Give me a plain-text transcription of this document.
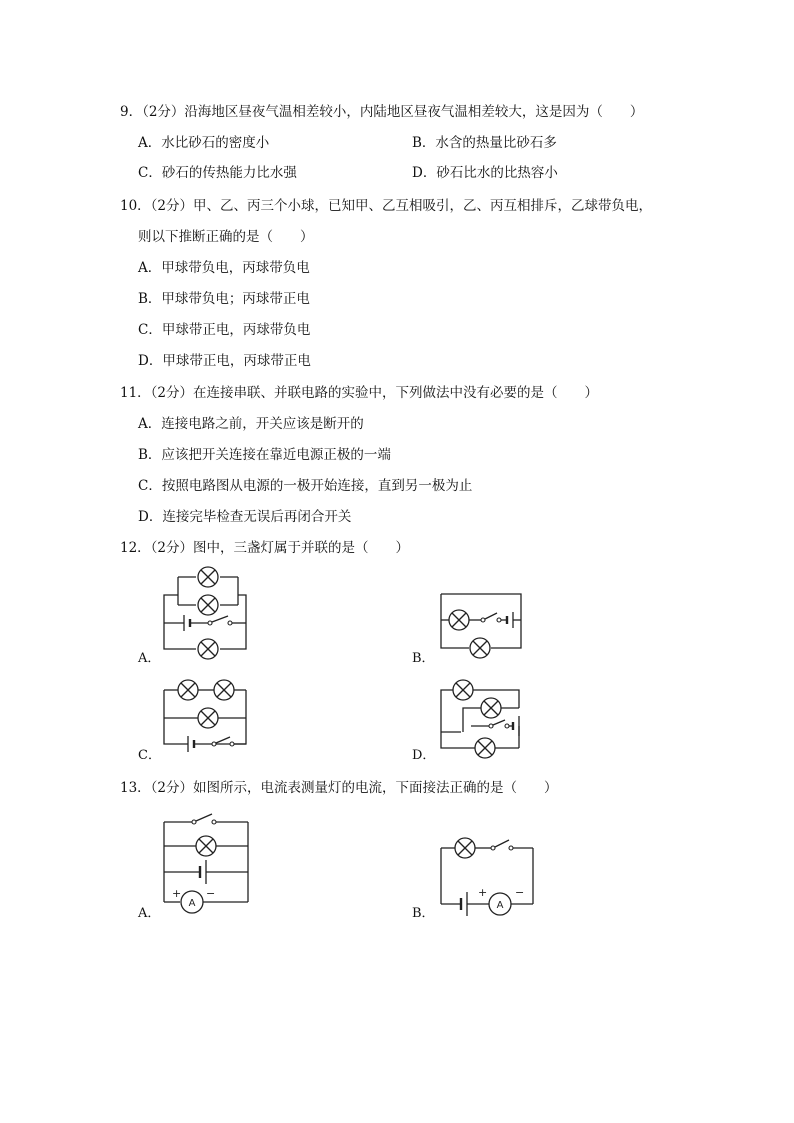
9．（2分）沿海地区昼夜气温相差较小，内陆地区昼夜气温相差较大，这是因为（　　）
A．水比砂石的密度小	B．水含的热量比砂石多
C．砂石的传热能力比水强	D．砂石比水的比热容小
10．（2分）甲、乙、丙三个小球，已知甲、乙互相吸引，乙、丙互相排斥，乙球带负电，
则以下推断正确的是（　　）
A．甲球带负电，丙球带负电
B．甲球带负电；丙球带正电
C．甲球带正电，丙球带负电
D．甲球带正电，丙球带正电
11．（2分）在连接串联、并联电路的实验中，下列做法中没有必要的是（　　）
A．连接电路之前，开关应该是断开的
B．应该把开关连接在靠近电源正极的一端
C．按照电路图从电源的一极开始连接，直到另一极为止
D．连接完毕检查无误后再闭合开关
12．（2分）图中，三盏灯属于并联的是（　　）
A．	B．
C．	D．
13．（2分）如图所示，电流表测量灯的电流，下面接法正确的是（　　）
A
+ −
A．
A
+	−
B．
